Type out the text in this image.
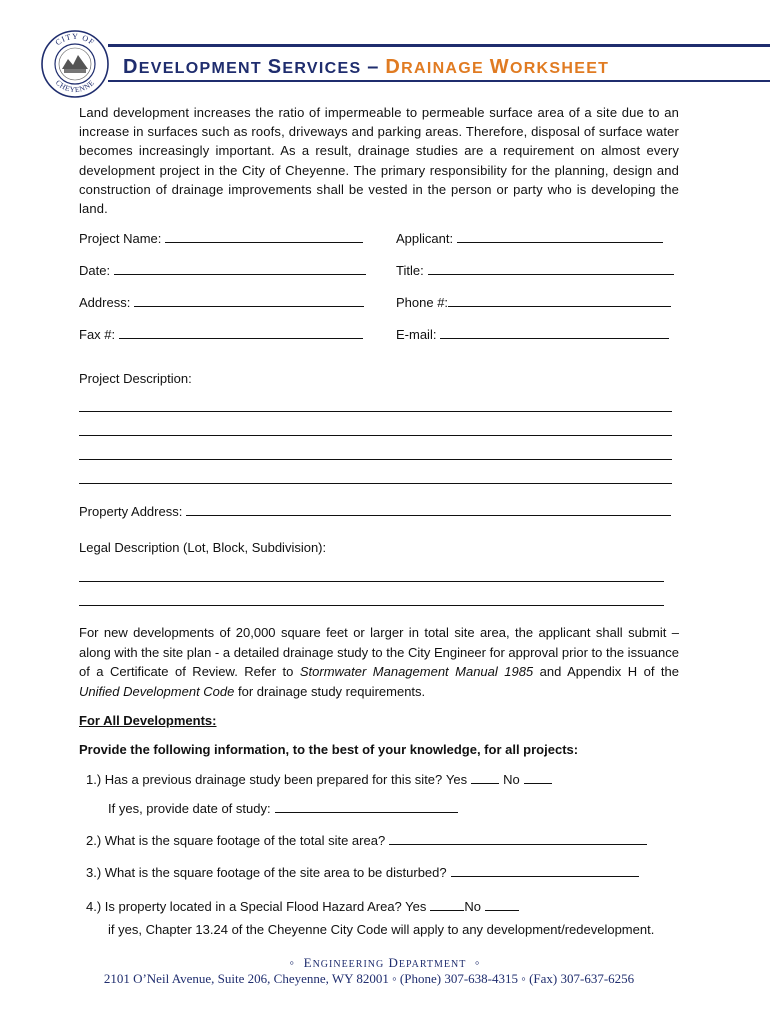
CITY OF
CHEYENNE
DEVELOPMENT SERVICES – DRAINAGE WORKSHEET
Land development increases the ratio of impermeable to permeable surface area of a site due to an increase in surfaces such as roofs, driveways and parking areas. Therefore, disposal of surface water becomes increasingly important. As a result, drainage studies are a requirement on almost every development project in the City of Cheyenne. The primary responsibility for the planning, design and construction of drainage improvements shall be vested in the person or party who is developing the land.
Project Name:	Applicant:
Date:	Title:
Address:	Phone #:
Fax #:	E-mail:
Project Description:
Property Address:
Legal Description (Lot, Block, Subdivision):
For new developments of 20,000 square feet or larger in total site area, the applicant shall submit – along with the site plan - a detailed drainage study to the City Engineer for approval prior to the issuance of a Certificate of Review. Refer to Stormwater Management Manual 1985 and Appendix H of the Unified Development Code for drainage study requirements.
For All Developments:
Provide the following information, to the best of your knowledge, for all projects:
1.) Has a previous drainage study been prepared for this site?
Yes	No
If yes, provide date of study:
2.) What is the square footage of the total site area?
3.) What is the square footage of the site area to be disturbed?
4.) Is property located in a Special Flood Hazard Area? Yes	No
if yes, Chapter 13.24 of the Cheyenne City Code will apply to any development/redevelopment.
◦ ENGINEERING DEPARTMENT ◦
2101 O’Neil Avenue, Suite 206, Cheyenne, WY 82001 ◦ (Phone) 307-638-4315 ◦ (Fax) 307-637-6256
